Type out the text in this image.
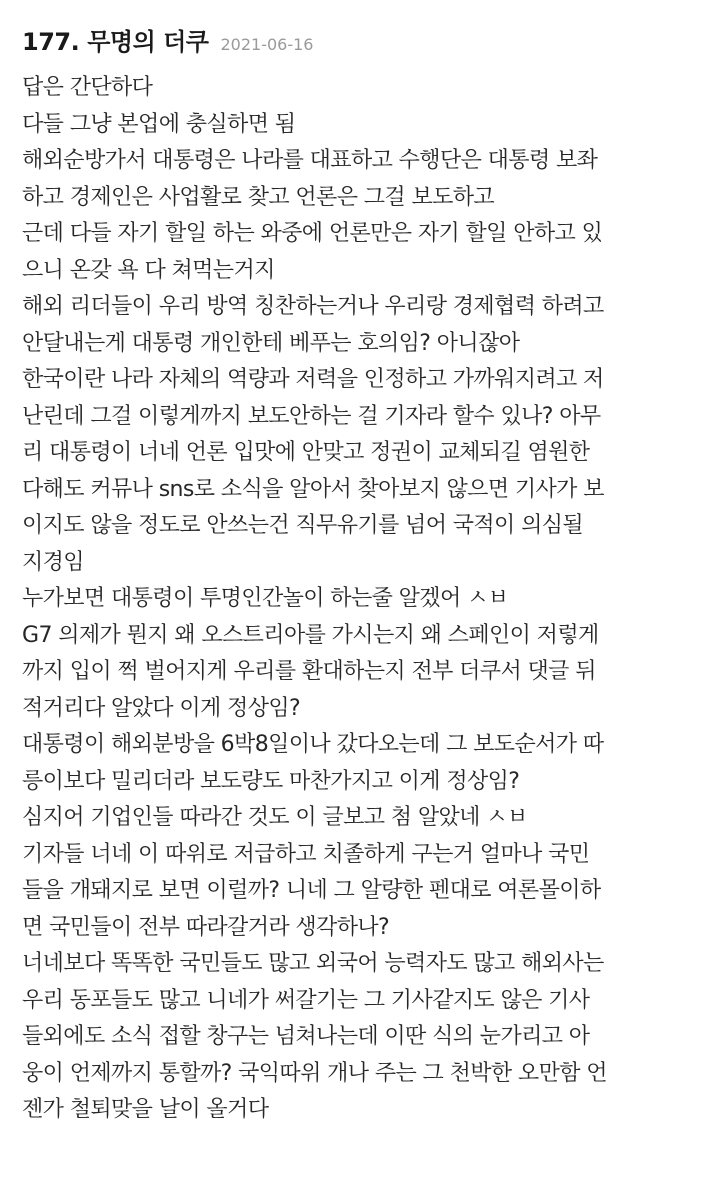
177. 무명의 더쿠 2021-06-16
답은 간단하다
다들 그냥 본업에 충실하면 됨
해외순방가서 대통령은 나라를 대표하고 수행단은 대통령 보좌
하고 경제인은 사업활로 찾고 언론은 그걸 보도하고
근데 다들 자기 할일 하는 와중에 언론만은 자기 할일 안하고 있
으니 온갖 욕 다 쳐먹는거지
해외 리더들이 우리 방역 칭찬하는거나 우리랑 경제협력 하려고
안달내는게 대통령 개인한테 베푸는 호의임? 아니잖아
한국이란 나라 자체의 역량과 저력을 인정하고 가까워지려고 저
난린데 그걸 이렇게까지 보도안하는 걸 기자라 할수 있나? 아무
리 대통령이 너네 언론 입맛에 안맞고 정권이 교체되길 염원한
다해도 커뮤나 sns로 소식을 알아서 찾아보지 않으면 기사가 보
이지도 않을 정도로 안쓰는건 직무유기를 넘어 국적이 의심될
지경임
누가보면 대통령이 투명인간놀이 하는줄 알겠어 ㅅㅂ
G7 의제가 뭔지 왜 오스트리아를 가시는지 왜 스페인이 저렇게
까지 입이 쩍 벌어지게 우리를 환대하는지 전부 더쿠서 댓글 뒤
적거리다 알았다 이게 정상임?
대통령이 해외분방을 6박8일이나 갔다오는데 그 보도순서가 따
릉이보다 밀리더라 보도량도 마찬가지고 이게 정상임?
심지어 기업인들 따라간 것도 이 글보고 첨 알았네 ㅅㅂ
기자들 너네 이 따위로 저급하고 치졸하게 구는거 얼마나 국민
들을 개돼지로 보면 이럴까? 니네 그 알량한 펜대로 여론몰이하
면 국민들이 전부 따라갈거라 생각하나?
너네보다 똑똑한 국민들도 많고 외국어 능력자도 많고 해외사는
우리 동포들도 많고 니네가 써갈기는 그 기사같지도 않은 기사
들외에도 소식 접할 창구는 넘쳐나는데 이딴 식의 눈가리고 아
웅이 언제까지 통할까? 국익따위 개나 주는 그 천박한 오만함 언
젠가 철퇴맞을 날이 올거다
